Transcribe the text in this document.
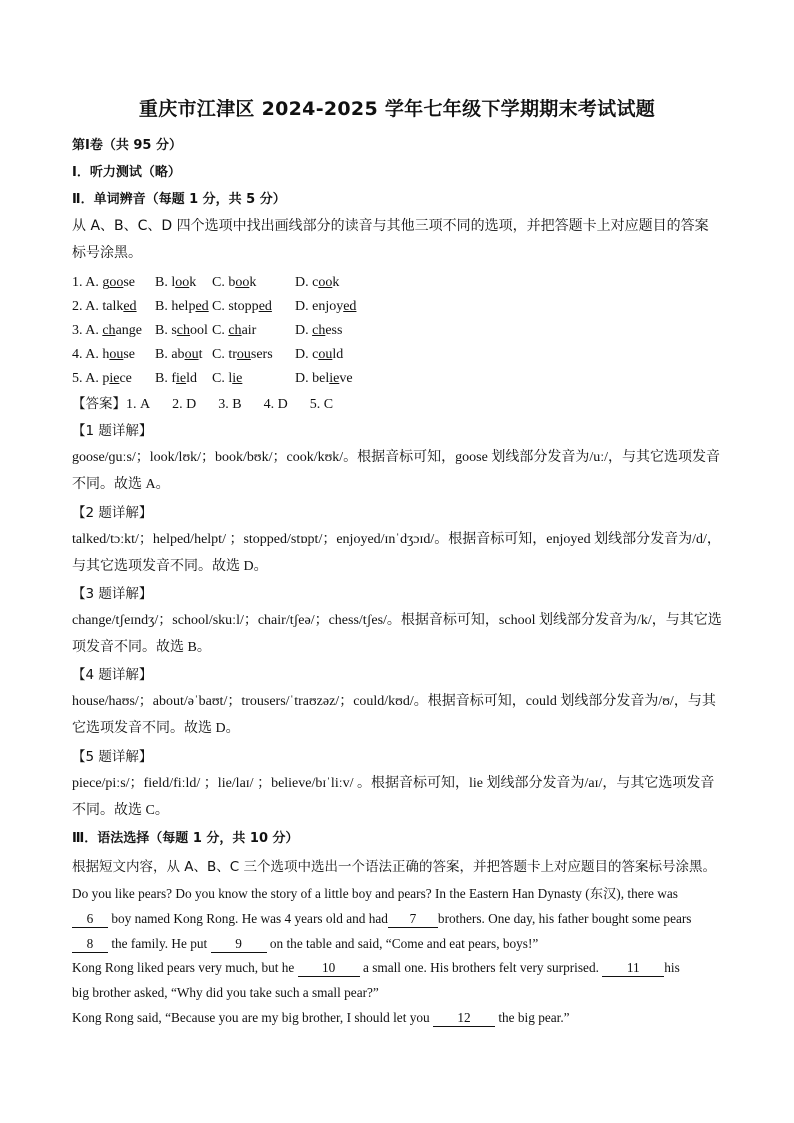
重庆市江津区 2024-2025 学年七年级下学期期末考试试题
第Ⅰ卷（共 95 分）
Ⅰ．听力测试（略）
Ⅱ．单词辨音（每题 1 分，共 5 分）
从 A、B、C、D 四个选项中找出画线部分的读音与其他三项不同的选项，并把答题卡上对应题目的答案标号涂黑。
1. A. goose B. look C. book	D. cook
2. A. talked B. helped C. stopped D. enjoyed
3. A. change B. school C. chair	D. chess
4. A. house B. about C. trousers D. could
5. A. piece B. field C. lie	D. believe
【答案】1. A 2. D 3. B 4. D 5. C
【1 题详解】
goose/ɡuːs/；look/lʊk/；book/bʊk/；cook/kʊk/。根据音标可知，goose 划线部分发音为/uː/，与其它选项发音不同。故选 A。
【2 题详解】
talked/tɔːkt/；helped/helpt/ ；stopped/stɒpt/；enjoyed/ɪnˈdʒɔɪd/。根据音标可知，enjoyed 划线部分发音为/d/，与其它选项发音不同。故选 D。
【3 题详解】
change/tʃeɪndʒ/；school/skuːl/；chair/tʃeə/；chess/tʃes/。根据音标可知，school 划线部分发音为/k/，与其它选项发音不同。故选 B。
【4 题详解】
house/haʊs/；about/əˈbaʊt/；trousers/ˈtraʊzəz/；could/kʊd/。根据音标可知，could 划线部分发音为/ʊ/，与其它选项发音不同。故选 D。
【5 题详解】
piece/piːs/；field/fiːld/ ；lie/laɪ/ ；believe/bɪˈliːv/ 。根据音标可知，lie 划线部分发音为/aɪ/，与其它选项发音不同。故选 C。
Ⅲ．语法选择（每题 1 分，共 10 分）
根据短文内容，从 A、B、C 三个选项中选出一个语法正确的答案，并把答题卡上对应题目的答案标号涂黑。
Do you like pears? Do you know the story of a little boy and pears? In the Eastern Han Dynasty (东汉), there was
6 boy named Kong Rong. He was 4 years old and had 7 brothers. One day, his father bought some pears
8 the family. He put 9 on the table and said, “Come and eat pears, boys!”
Kong Rong liked pears very much, but he 10 a small one. His brothers felt very surprised. 11 his
big brother asked, “Why did you take such a small pear?”
Kong Rong said, “Because you are my big brother, I should let you 12 the big pear.”
